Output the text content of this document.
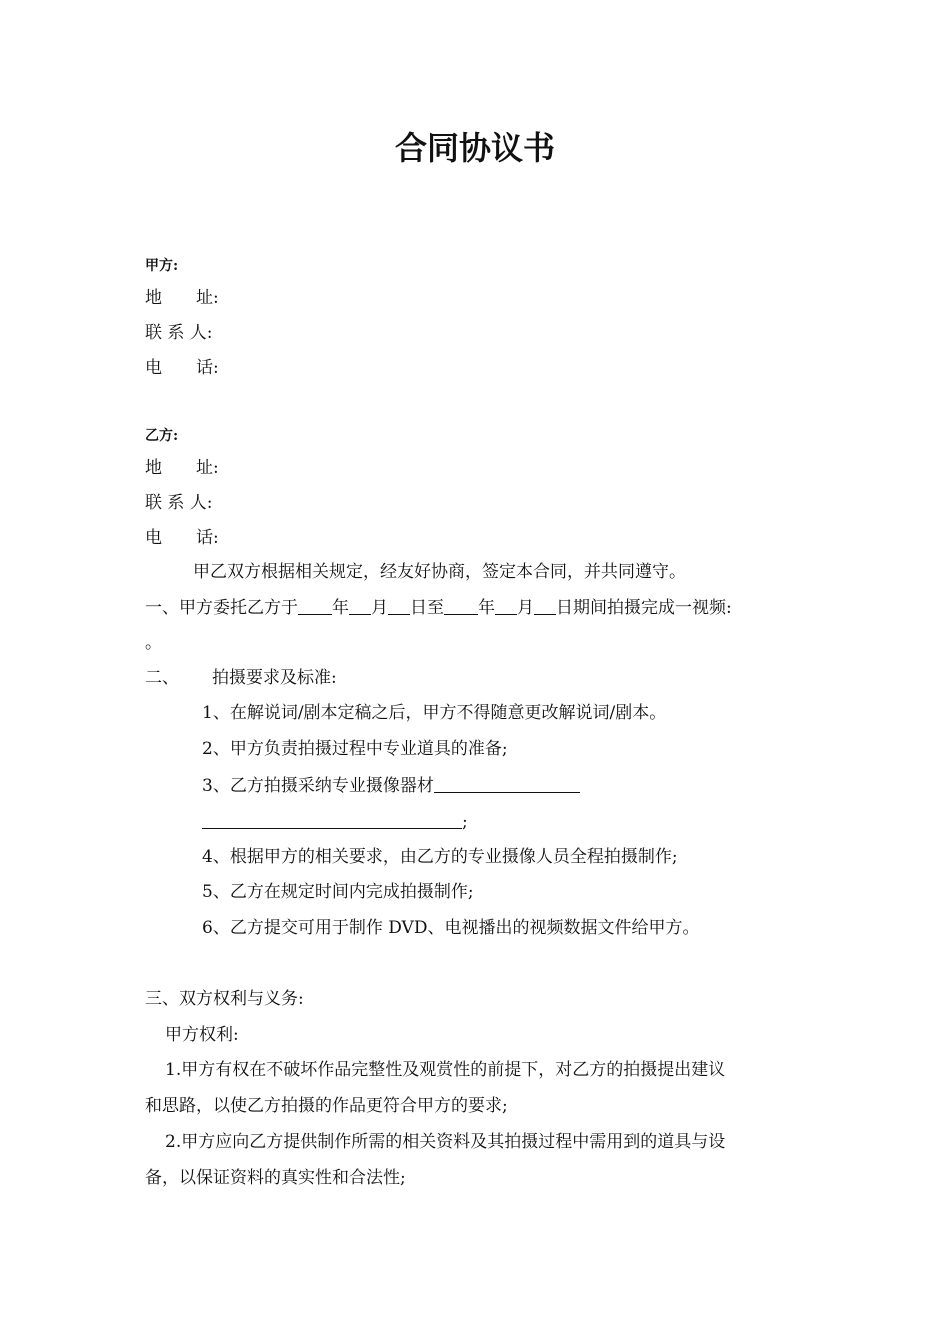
合同协议书
甲方:
地　　址:
联 系 人:
电　　话:
乙方:
地　　址:
联 系 人:
电　　话:
甲乙双方根据相关规定，经友好协商，签定本合同，并共同遵守。
一、甲方委托乙方于 年 月 日至 年 月 日期间拍摄完成一视频:
。
二、 拍摄要求及标准:
1、在解说词/剧本定稿之后，甲方不得随意更改解说词/剧本。
2、甲方负责拍摄过程中专业道具的准备;
3、乙方拍摄采纳专业摄像器材
;
4、根据甲方的相关要求，由乙方的专业摄像人员全程拍摄制作;
5、乙方在规定时间内完成拍摄制作;
6、乙方提交可用于制作 DVD、电视播出的视频数据文件给甲方。
三、双方权利与义务:
甲方权利:
1.甲方有权在不破坏作品完整性及观赏性的前提下，对乙方的拍摄提出建议
和思路，以使乙方拍摄的作品更符合甲方的要求;
2.甲方应向乙方提供制作所需的相关资料及其拍摄过程中需用到的道具与设
备，以保证资料的真实性和合法性;
